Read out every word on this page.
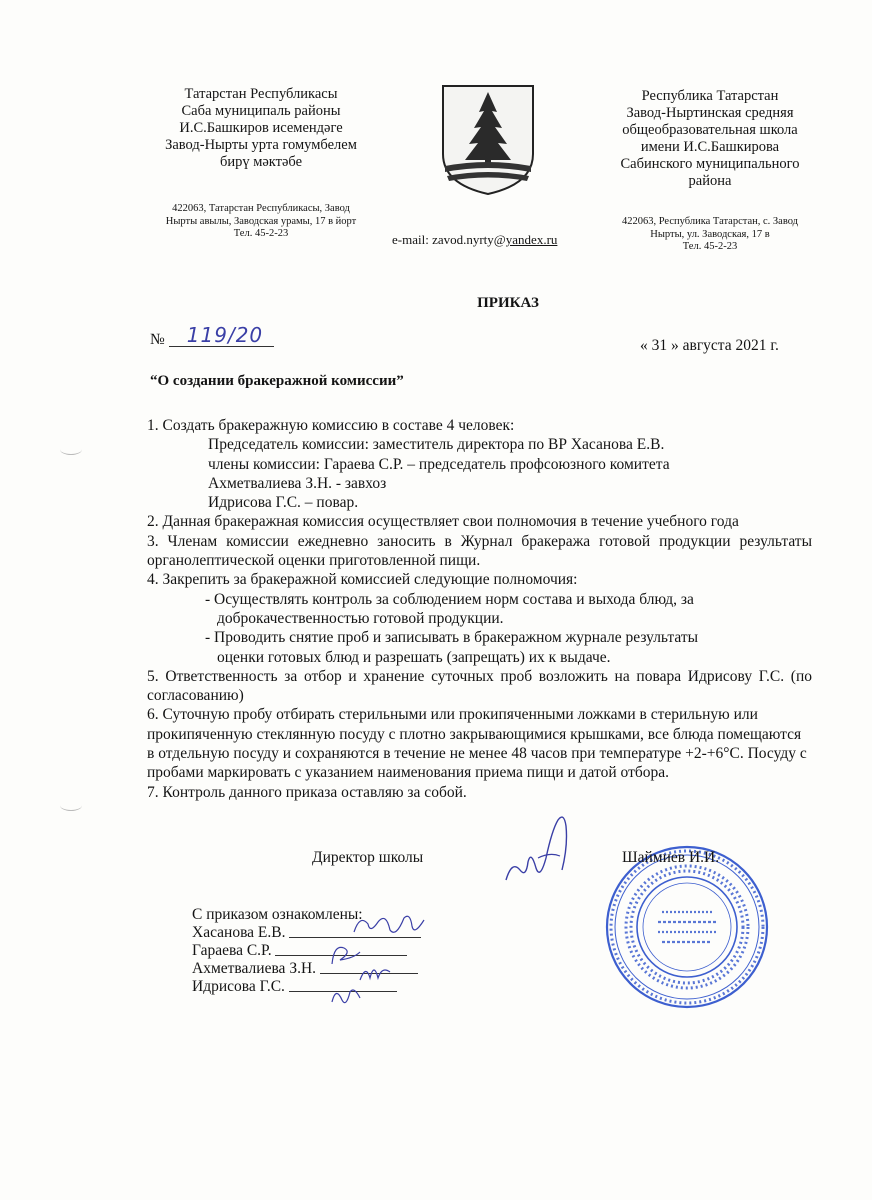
Татарстан Республикасы
Саба муниципаль районы
И.С.Башкиров исемендәге
Завод-Нырты урта гомумбелем
бирү мәктәбе
422063, Татарстан Республикасы, Завод
Нырты авылы, Заводская урамы, 17 в йорт
Тел. 45-2-23	e-mail: zavod.nyrty@yandex.ru
Республика Татарстан
Завод-Ныртинская средняя
общеобразовательная школа
имени И.С.Башкирова
Сабинского муниципального
района
422063, Республика Татарстан, с. Завод
Нырты, ул. Заводская, 17 в
Тел. 45-2-23
ПРИКАЗ
№ 119/20	« 31 » августа 2021 г.
“О создании бракеражной комиссии”

1. Создать бракеражную комиссию в составе 4 человек:

Председатель комиссии: заместитель директора по ВР Хасанова Е.В.

члены комиссии: Гараева С.Р. – председатель профсоюзного комитета

Ахметвалиева З.Н. - завхоз

Идрисова Г.С. – повар.

2. Данная бракеражная комиссия осуществляет свои полномочия в течение учебного года

3. Членам комиссии ежедневно заносить в Журнал бракеража готовой продукции результаты органолептической оценки приготовленной пищи.

4. Закрепить за бракеражной комиссией следующие полномочия:

- Осуществлять контроль за соблюдением норм состава и выхода блюд, за

доброкачественностью готовой продукции.

- Проводить снятие проб и записывать в бракеражном журнале результаты

оценки готовых блюд и разрешать (запрещать) их к выдаче.

5. Ответственность за отбор и хранение суточных проб возложить на повара Идрисову Г.С. (по согласованию)

6. Суточную пробу отбирать стерильными или прокипяченными ложками в стерильную или прокипяченную стеклянную посуду с плотно закрывающимися крышками, все блюда помещаются в отдельную посуду и сохраняются в течение не менее 48 часов при температуре +2-+6°С. Посуду с пробами маркировать с указанием наименования приема пищи и датой отбора.

7. Контроль данного приказа оставляю за собой.

Директор школы	Шаймиев И.И.
С приказом ознакомлены:
Хасанова Е.В.
Гараева С.Р.
Ахметвалиева З.Н.
Идрисова Г.С.
